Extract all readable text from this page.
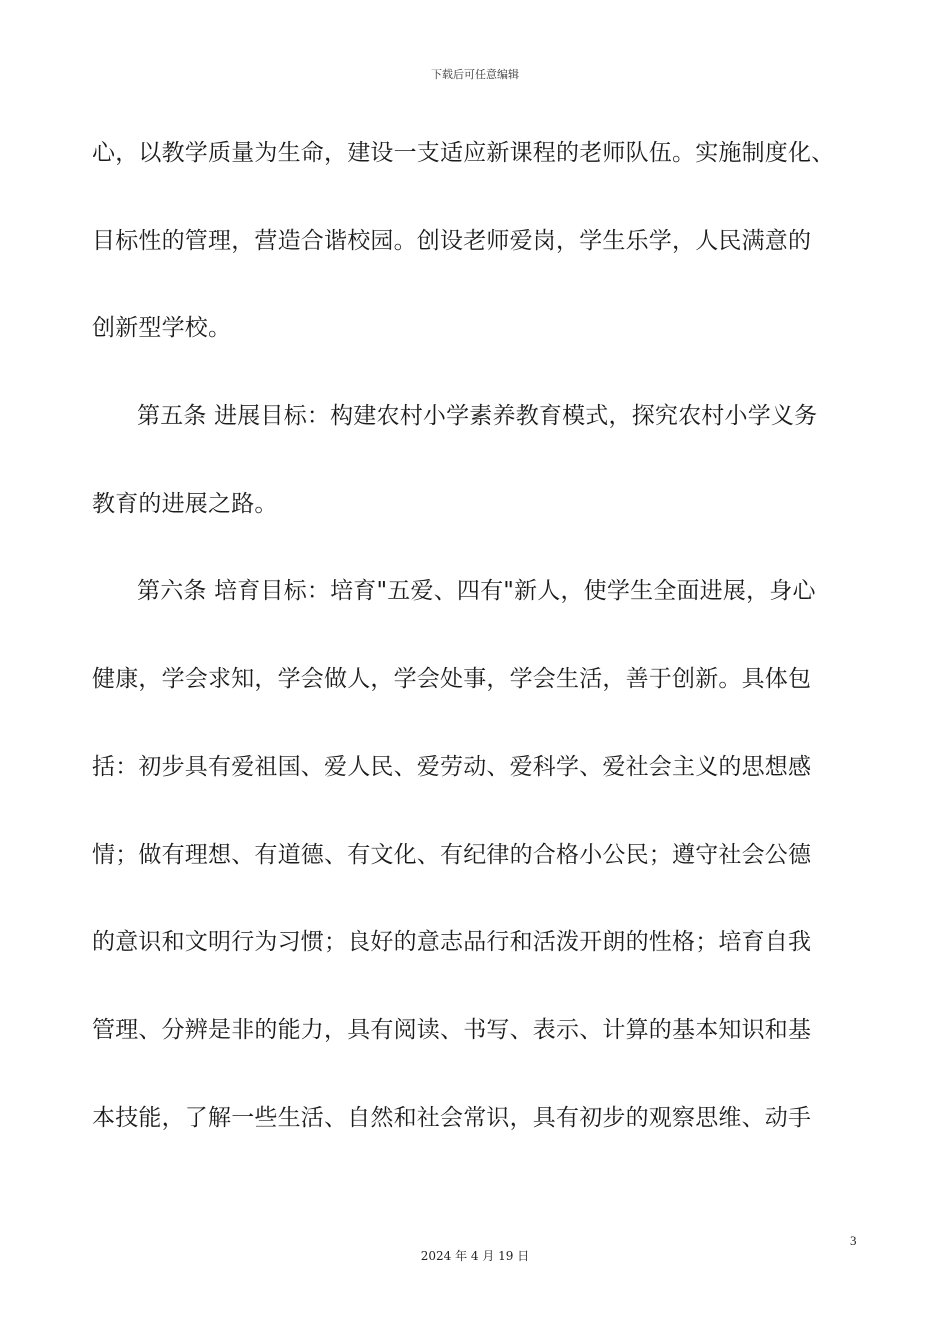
下载后可任意编辑
心，以教学质量为生命，建设一支适应新课程的老师队伍。实施制度化、
目标性的管理，营造合谐校园。创设老师爱岗，学生乐学，人民满意的
创新型学校。
第五条 进展目标：构建农村小学素养教育模式，探究农村小学义务
教育的进展之路。
第六条 培育目标：培育"五爱、四有"新人，使学生全面进展，身心
健康，学会求知，学会做人，学会处事，学会生活，善于创新。具体包
括：初步具有爱祖国、爱人民、爱劳动、爱科学、爱社会主义的思想感
情；做有理想、有道德、有文化、有纪律的合格小公民；遵守社会公德
的意识和文明行为习惯；良好的意志品行和活泼开朗的性格；培育自我
管理、分辨是非的能力，具有阅读、书写、表示、计算的基本知识和基
本技能，了解一些生活、自然和社会常识，具有初步的观察思维、动手
3
2024 年 4 月 19 日
